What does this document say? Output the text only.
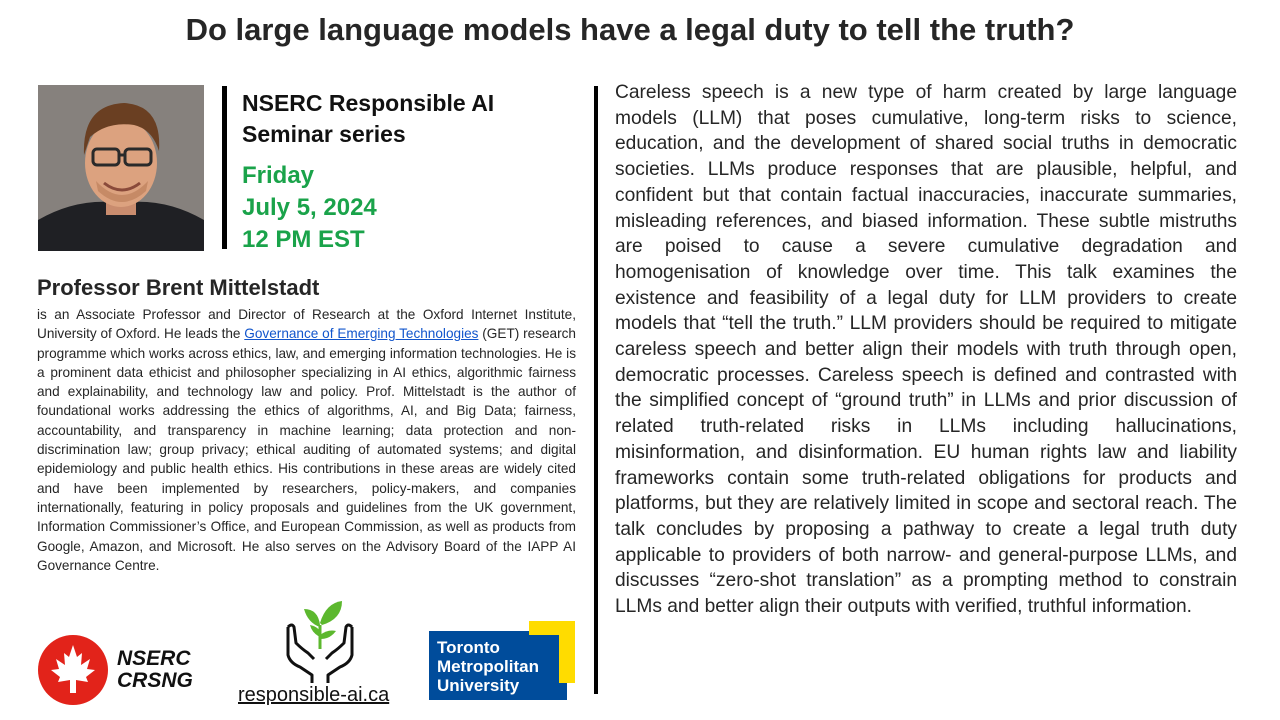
Do large language models have a legal duty to tell the truth?

NSERC Responsible AI
Seminar series

Friday
July 5, 2024
12 PM EST

Professor Brent Mittelstadt

is an Associate Professor and Director of Research at the Oxford Internet Institute, University of Oxford. He leads the Governance of Emerging Technologies (GET) research programme which works across ethics, law, and emerging information technologies. He is a prominent data ethicist and philosopher specializing in AI ethics, algorithmic fairness and explainability, and technology law and policy. Prof. Mittelstadt is the author of foundational works addressing the ethics of algorithms, AI, and Big Data; fairness, accountability, and transparency in machine learning; data protection and non-discrimination law; group privacy; ethical auditing of automated systems; and digital epidemiology and public health ethics. His contributions in these areas are widely cited and have been implemented by researchers, policy-makers, and companies internationally, featuring in policy proposals and guidelines from the UK government, Information Commissioner’s Office, and European Commission, as well as products from Google, Amazon, and Microsoft. He also serves on the Advisory Board of the IAPP AI Governance Centre.

Careless speech is a new type of harm created by large language models (LLM) that poses cumulative, long-term risks to science, education, and the development of shared social truths in democratic societies. LLMs produce responses that are plausible, helpful, and confident but that contain factual inaccuracies, inaccurate summaries, misleading references, and biased information. These subtle mistruths are poised to cause a severe cumulative degradation and homogenisation of knowledge over time. This talk examines the existence and feasibility of a legal duty for LLM providers to create models that “tell the truth.” LLM providers should be required to mitigate careless speech and better align their models with truth through open, democratic processes. Careless speech is defined and contrasted with the simplified concept of “ground truth” in LLMs and prior discussion of related truth-related risks in LLMs including hallucinations, misinformation, and disinformation. EU human rights law and liability frameworks contain some truth-related obligations for products and platforms, but they are relatively limited in scope and sectoral reach. The talk concludes by proposing a pathway to create a legal truth duty applicable to providers of both narrow- and general-purpose LLMs, and discusses “zero-shot translation” as a prompting method to constrain LLMs and better align their outputs with verified, truthful information.

NSERC
CRSNG
responsible-ai.ca
Toronto
Metropolitan
University
